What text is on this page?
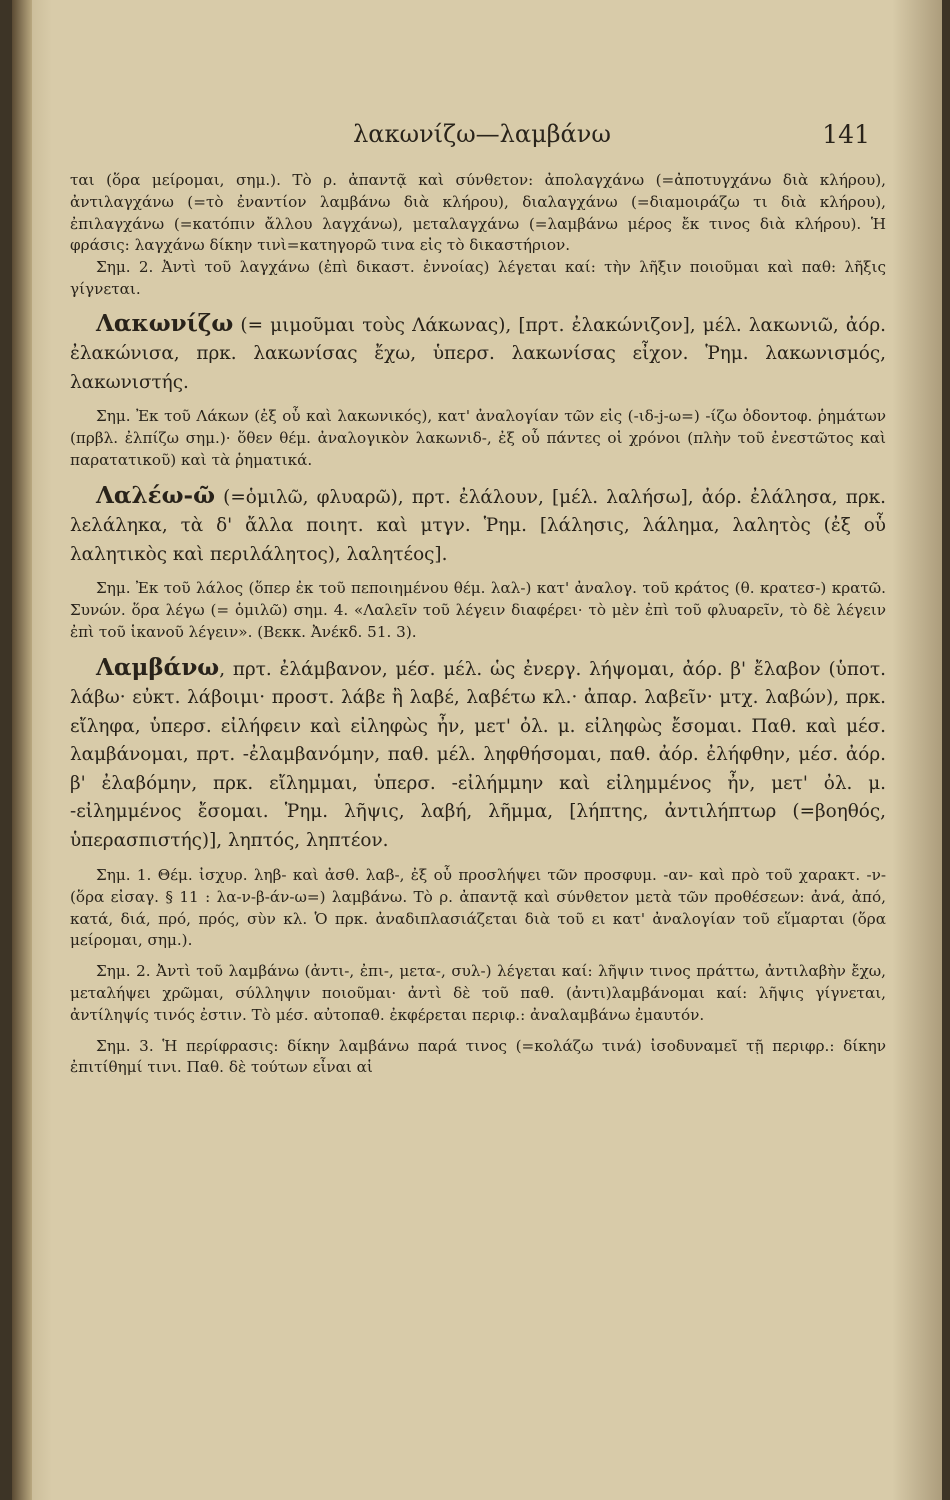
λακωνίζω—λαμβάνω	141

ται (ὅρα μείρομαι, σημ.). Τὸ ρ. ἀπαντᾷ καὶ σύνθετον: ἀπολαγχάνω (=ἀποτυγχάνω διὰ κλήρου), ἀντιλαγχάνω (=τὸ ἐναντίον λαμβάνω διὰ κλήρου), διαλαγχάνω (=διαμοιράζω τι διὰ κλήρου), ἐπιλαγχάνω (=κατόπιν ἄλλου λαγχάνω), μεταλαγχάνω (=λαμβάνω μέρος ἔκ τινος διὰ κλήρου). Ἡ φράσις: λαγχάνω δίκην τινὶ=κατηγορῶ τινα εἰς τὸ δικαστήριον.

Σημ. 2. Ἀντὶ τοῦ λαγχάνω (ἐπὶ δικαστ. ἐννοίας) λέγεται καί: τὴν λῆξιν ποιοῦμαι καὶ παθ: λῆξις γίγνεται.

Λακωνίζω (= μιμοῦμαι τοὺς Λάκωνας), [πρτ. ἐλακώνιζον], μέλ. λακωνιῶ, ἀόρ. ἐλακώνισα, πρκ. λακωνίσας ἔχω, ὑπερσ. λακωνίσας εἶχον. Ῥημ. λακωνισμός, λακωνιστής.

Σημ. Ἐκ τοῦ Λάκων (ἐξ οὗ καὶ λακωνικός), κατ' ἀναλογίαν τῶν εἰς (-ιδ-j-ω=) -ίζω ὀδοντοφ. ῥημάτων (πρβλ. ἐλπίζω σημ.)· ὅθεν θέμ. ἀναλογικὸν λακωνιδ-, ἐξ οὗ πάντες οἱ χρόνοι (πλὴν τοῦ ἐνεστῶτος καὶ παρατατικοῦ) καὶ τὰ ῥηματικά.

Λαλέω-ῶ (=ὁμιλῶ, φλυαρῶ), πρτ. ἐλάλουν, [μέλ. λαλήσω], ἀόρ. ἐλάλησα, πρκ. λελάληκα, τὰ δ' ἄλλα ποιητ. καὶ μτγν. Ῥημ. [λάλησις, λάλημα, λαλητὸς (ἐξ οὗ λαλητικὸς καὶ περιλάλητος), λαλητέος].

Σημ. Ἐκ τοῦ λάλος (ὅπερ ἐκ τοῦ πεποιημένου θέμ. λαλ-) κατ' ἀναλογ. τοῦ κράτος (θ. κρατεσ-) κρατῶ. Συνών. ὅρα λέγω (= ὁμιλῶ) σημ. 4. «Λαλεῖν τοῦ λέγειν διαφέρει· τὸ μὲν ἐπὶ τοῦ φλυαρεῖν, τὸ δὲ λέγειν ἐπὶ τοῦ ἱκανοῦ λέγειν». (Βεκκ. Ἀνέκδ. 51. 3).

Λαμβάνω, πρτ. ἐλάμβανον, μέσ. μέλ. ὡς ἐνεργ. λήψομαι, ἀόρ. β' ἔλαβον (ὑποτ. λάβω· εὐκτ. λάβοιμι· προστ. λάβε ἢ λαβέ, λαβέτω κλ.· ἀπαρ. λαβεῖν· μτχ. λαβών), πρκ. εἴληφα, ὑπερσ. εἰλήφειν καὶ εἰληφὼς ἦν, μετ' ὀλ. μ. εἰληφὼς ἔσομαι. Παθ. καὶ μέσ. λαμβάνομαι, πρτ. -ἐλαμβανόμην, παθ. μέλ. ληφθήσομαι, παθ. ἀόρ. ἐλήφθην, μέσ. ἀόρ. β' ἐλαβόμην, πρκ. εἴλημμαι, ὑπερσ. -εἰλήμμην καὶ εἰλημμένος ἦν, μετ' ὀλ. μ. -εἰλημμένος ἔσομαι. Ῥημ. λῆψις, λαβή, λῆμμα, [λήπτης, ἀντιλήπτωρ (=βοηθός, ὑπερασπιστής)], ληπτός, ληπτέον.

Σημ. 1. Θέμ. ἰσχυρ. ληβ- καὶ ἀσθ. λαβ-, ἐξ οὗ προσλήψει τῶν προσφυμ. -αν- καὶ πρὸ τοῦ χαρακτ. -ν- (ὅρα εἰσαγ. § 11 : λα-ν-β-άν-ω=) λαμβάνω. Τὸ ρ. ἀπαντᾷ καὶ σύνθετον μετὰ τῶν προθέσεων: ἀνά, ἀπό, κατά, διά, πρό, πρός, σὺν κλ. Ὁ πρκ. ἀναδιπλασιάζεται διὰ τοῦ ει κατ' ἀναλογίαν τοῦ εἵμαρται (ὅρα μείρομαι, σημ.).

Σημ. 2. Ἀντὶ τοῦ λαμβάνω (ἀντι-, ἐπι-, μετα-, συλ-) λέγεται καί: λῆψιν τινος πράττω, ἀντιλαβὴν ἔχω, μεταλήψει χρῶμαι, σύλληψιν ποιοῦμαι· ἀντὶ δὲ τοῦ παθ. (ἀντι)λαμβάνομαι καί: λῆψις γίγνεται, ἀντίληψίς τινός ἐστιν. Τὸ μέσ. αὐτοπαθ. ἐκφέρεται περιφ.: ἀναλαμβάνω ἐμαυτόν.

Σημ. 3. Ἡ περίφρασις: δίκην λαμβάνω παρά τινος (=κολάζω τινά) ἰσοδυναμεῖ τῇ περιφρ.: δίκην ἐπιτίθημί τινι. Παθ. δὲ τούτων εἶναι αἱ
